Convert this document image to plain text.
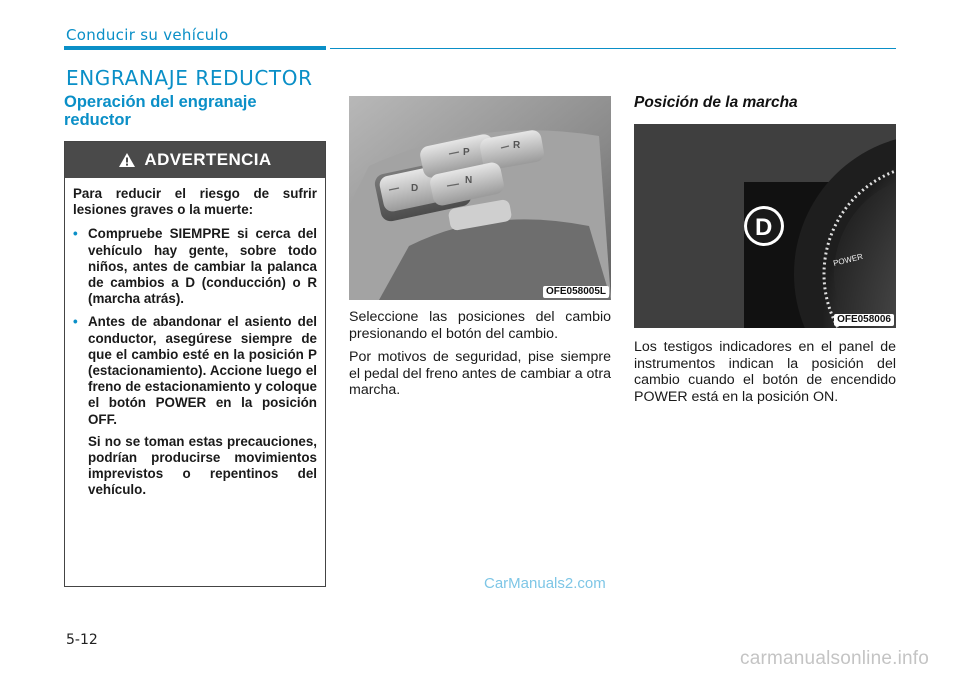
Conducir su vehículo
ENGRANAJE REDUCTOR
Operación del engranaje reductor
ADVERTENCIA

Para reducir el riesgo de sufrir lesiones graves o la muerte:

• Compruebe SIEMPRE si cerca del vehículo hay gente, sobre todo niños, antes de cambiar la palanca de cambios a D (conducción) o R (marcha atrás).
• Antes de abandonar el asiento del conductor, asegúrese siempre de que el cambio esté en la posición P (estacionamiento). Accione luego el freno de estacionamiento y coloque el botón POWER en la posición OFF.

Si no se toman estas precauciones, podrían producirse movimientos imprevistos o repentinos del vehículo.

D
P
R
N
OFE058005L

Seleccione las posiciones del cambio presionando el botón del cambio.

Por motivos de seguridad, pise siempre el pedal del freno antes de cambiar a otra marcha.

Posición de la marcha
D
POWER
OFE058006

Los testigos indicadores en el panel de instrumentos indican la posición del cambio cuando el botón de encendido POWER está en la posición ON.

CarManuals2.com
5-12
carmanualsonline.info
